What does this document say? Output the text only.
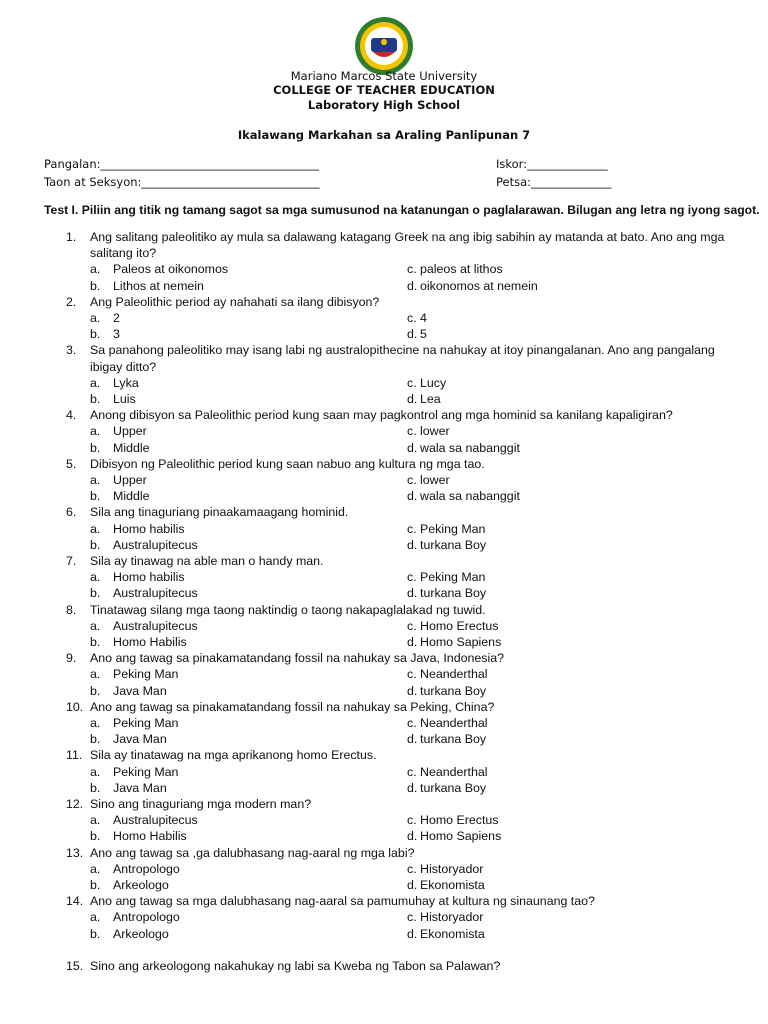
Mariano Marcos State University
COLLEGE OF TEACHER EDUCATION
Laboratory High School
Ikalawang Markahan sa Araling Panlipunan 7
Pangalan:______________________________________	Iskor:______________
Taon at Seksyon:_______________________________	Petsa:______________
Test I. Piliin ang titik ng tamang sagot sa mga sumusunod na katanungan o paglalarawan. Bilugan ang letra ng iyong sagot.
1. Ang salitang paleolitiko ay mula sa dalawang katagang Greek na ang ibig sabihin ay matanda at bato. Ano ang mga salitang ito?
a. Paleos at oikonomos
b. Lithos at nemein
c. paleos at lithos
d. oikonomos at nemein
2. Ang Paleolithic period ay nahahati sa ilang dibisyon?
a. 2
b. 3
c. 4
d. 5
3. Sa panahong paleolitiko may isang labi ng australopithecine na nahukay at itoy pinangalanan. Ano ang pangalang ibigay ditto?
a. Lyka
b. Luis
c. Lucy
d. Lea
4. Anong dibisyon sa Paleolithic period kung saan may pagkontrol ang mga hominid sa kanilang kapaligiran?
a. Upper
b. Middle
c. lower
d. wala sa nabanggit
5. Dibisyon ng Paleolithic period kung saan nabuo ang kultura ng mga tao.
a. Upper
b. Middle
c. lower
d. wala sa nabanggit
6. Sila ang tinaguriang pinaakamaagang hominid.
a. Homo habilis
b. Australupitecus
c. Peking Man
d. turkana Boy
7. Sila ay tinawag na able man o handy man.
a. Homo habilis
b. Australupitecus
c. Peking Man
d. turkana Boy
8. Tinatawag silang mga taong naktindig o taong nakapaglalakad ng tuwid.
a. Australupitecus
b. Homo Habilis
c. Homo Erectus
d. Homo Sapiens
9. Ano ang tawag sa pinakamatandang fossil na nahukay sa Java, Indonesia?
a. Peking Man
b. Java Man
c. Neanderthal
d. turkana Boy
10. Ano ang tawag sa pinakamatandang fossil na nahukay sa Peking, China?
a. Peking Man
b. Java Man
c. Neanderthal
d. turkana Boy
11. Sila ay tinatawag na mga aprikanong homo Erectus.
a. Peking Man
b. Java Man
c. Neanderthal
d. turkana Boy
12. Sino ang tinaguriang mga modern man?
a. Australupitecus
b. Homo Habilis
c. Homo Erectus
d. Homo Sapiens
13. Ano ang tawag sa ,ga dalubhasang nag-aaral ng mga labi?
a. Antropologo
b. Arkeologo
c. Historyador
d. Ekonomista
14. Ano ang tawag sa mga dalubhasang nag-aaral sa pamumuhay at kultura ng sinaunang tao?
a. Antropologo
b. Arkeologo
c. Historyador
d. Ekonomista
15. Sino ang arkeologong nakahukay ng labi sa Kweba ng Tabon sa Palawan?
